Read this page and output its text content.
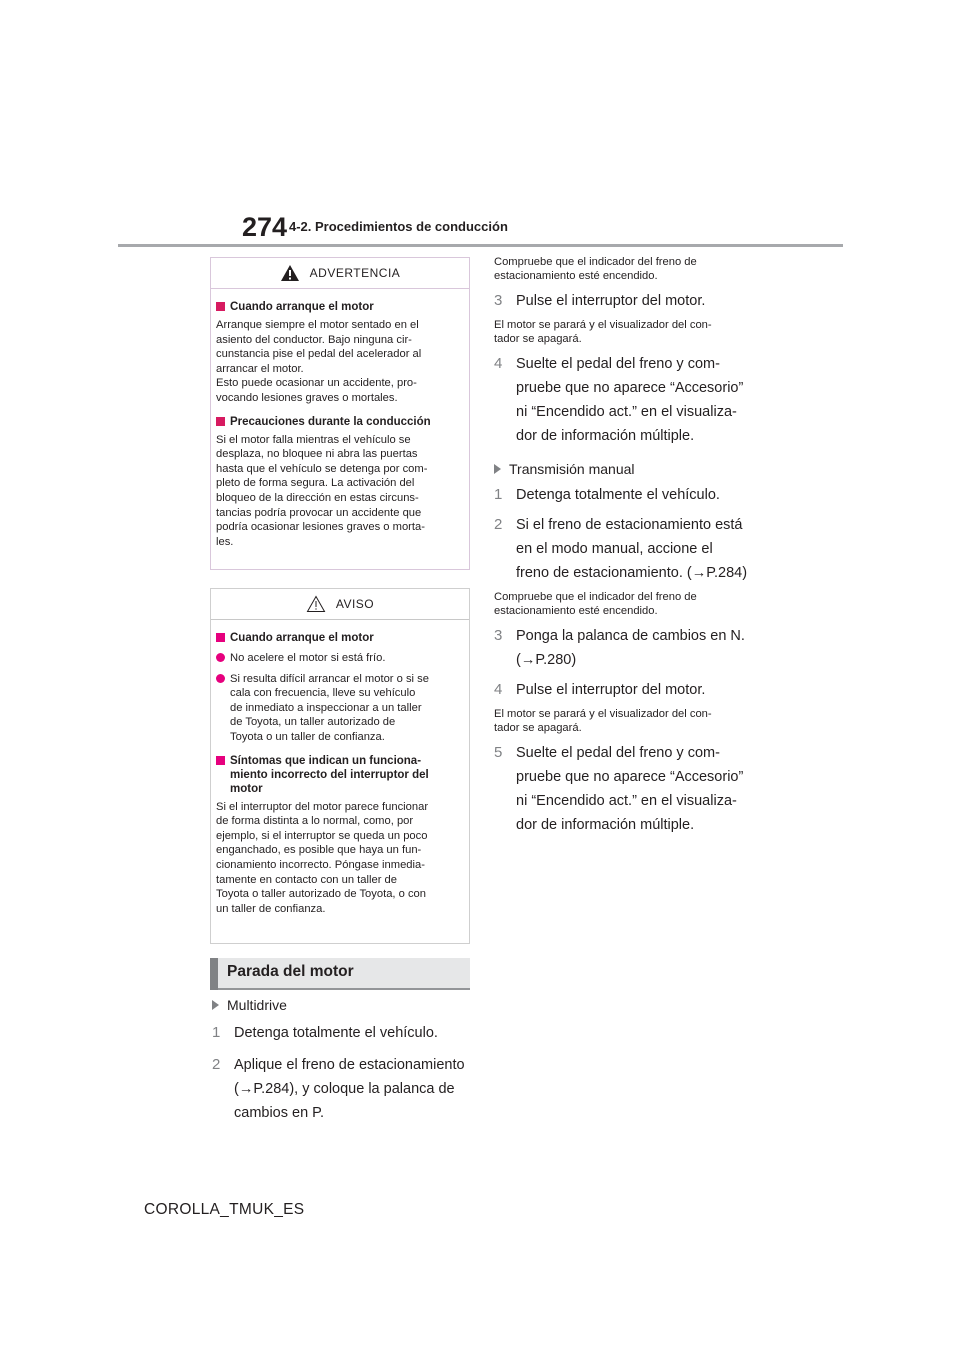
274 4-2. Procedimientos de conducción
ADVERTENCIA
Cuando arranque el motor
Arranque siempre el motor sentado en el
asiento del conductor. Bajo ninguna cir-
cunstancia pise el pedal del acelerador al
arrancar el motor.
Esto puede ocasionar un accidente, pro-
vocando lesiones graves o mortales.
Precauciones durante la conducción
Si el motor falla mientras el vehículo se
desplaza, no bloquee ni abra las puertas
hasta que el vehículo se detenga por com-
pleto de forma segura. La activación del
bloqueo de la dirección en estas circuns-
tancias podría provocar un accidente que
podría ocasionar lesiones graves o morta-
les.
AVISO
Cuando arranque el motor
No acelere el motor si está frío.
Si resulta difícil arrancar el motor o si se
cala con frecuencia, lleve su vehículo
de inmediato a inspeccionar a un taller
de Toyota, un taller autorizado de
Toyota o un taller de confianza.
Síntomas que indican un funciona-
miento incorrecto del interruptor del
motor
Si el interruptor del motor parece funcionar
de forma distinta a lo normal, como, por
ejemplo, si el interruptor se queda un poco
enganchado, es posible que haya un fun-
cionamiento incorrecto. Póngase inmedia-
tamente en contacto con un taller de
Toyota o taller autorizado de Toyota, o con
un taller de confianza.
Parada del motor
Multidrive
1 Detenga totalmente el vehículo.
2 Aplique el freno de estacionamiento
(→P.284), y coloque la palanca de
cambios en P.
Compruebe que el indicador del freno de
estacionamiento esté encendido.
3 Pulse el interruptor del motor.
El motor se parará y el visualizador del con-
tador se apagará.
4 Suelte el pedal del freno y com-
pruebe que no aparece “Accesorio”
ni “Encendido act.” en el visualiza-
dor de información múltiple.
Transmisión manual
1 Detenga totalmente el vehículo.
2 Si el freno de estacionamiento está
en el modo manual, accione el
freno de estacionamiento. (→P.284)
Compruebe que el indicador del freno de
estacionamiento esté encendido.
3 Ponga la palanca de cambios en N.
(→P.280)
4 Pulse el interruptor del motor.
El motor se parará y el visualizador del con-
tador se apagará.
5 Suelte el pedal del freno y com-
pruebe que no aparece “Accesorio”
ni “Encendido act.” en el visualiza-
dor de información múltiple.
COROLLA_TMUK_ES
